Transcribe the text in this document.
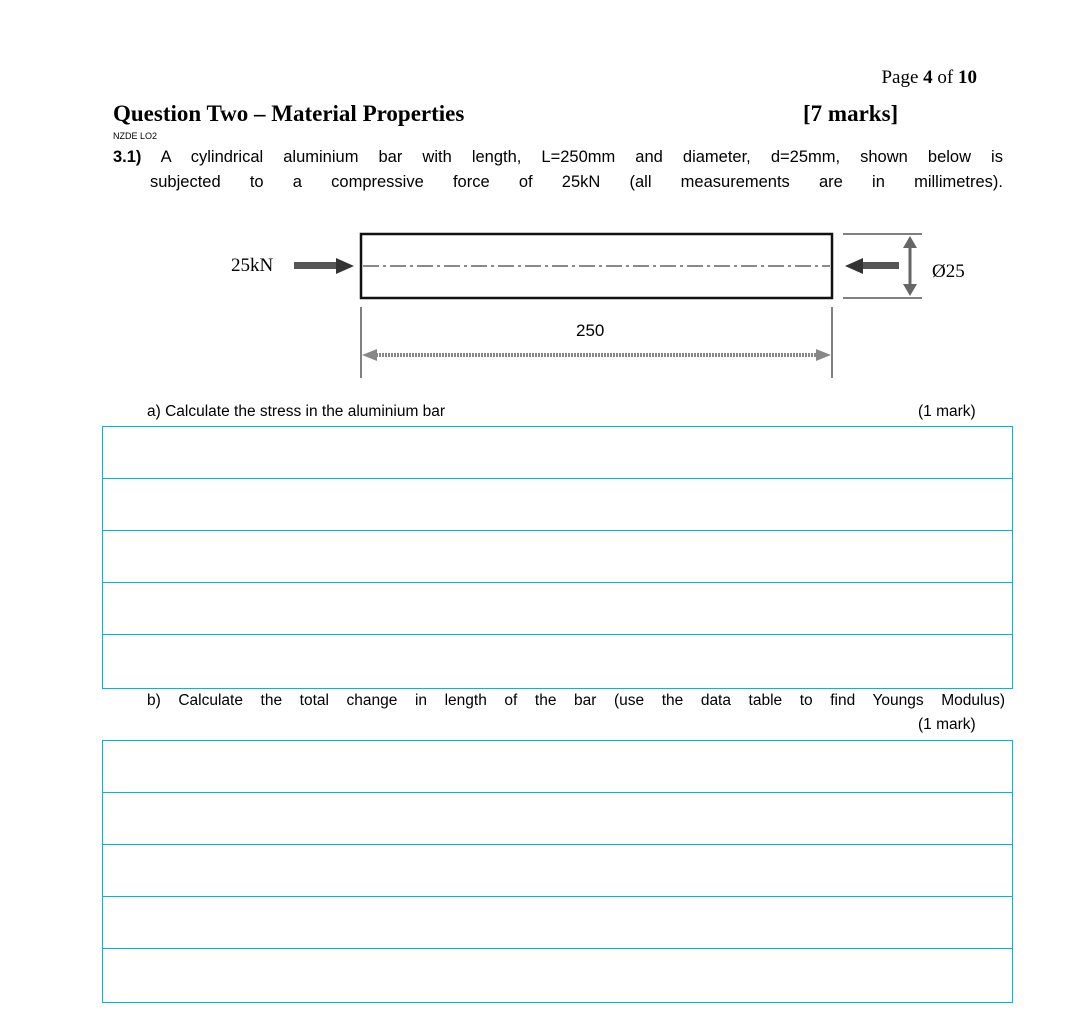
Page 4 of 10
Question Two – Material Properties	[7 marks]
NZDE LO2
3.1) A cylindrical aluminium bar with length, L=250mm and diameter, d=25mm, shown below is
subjected to a compressive force of 25kN (all measurements are in millimetres).
25kN	Ø25
250
a) Calculate the stress in the aluminium bar	(1 mark)
b) Calculate the total change in length of the bar (use the data table to find Youngs Modulus)
(1 mark)
